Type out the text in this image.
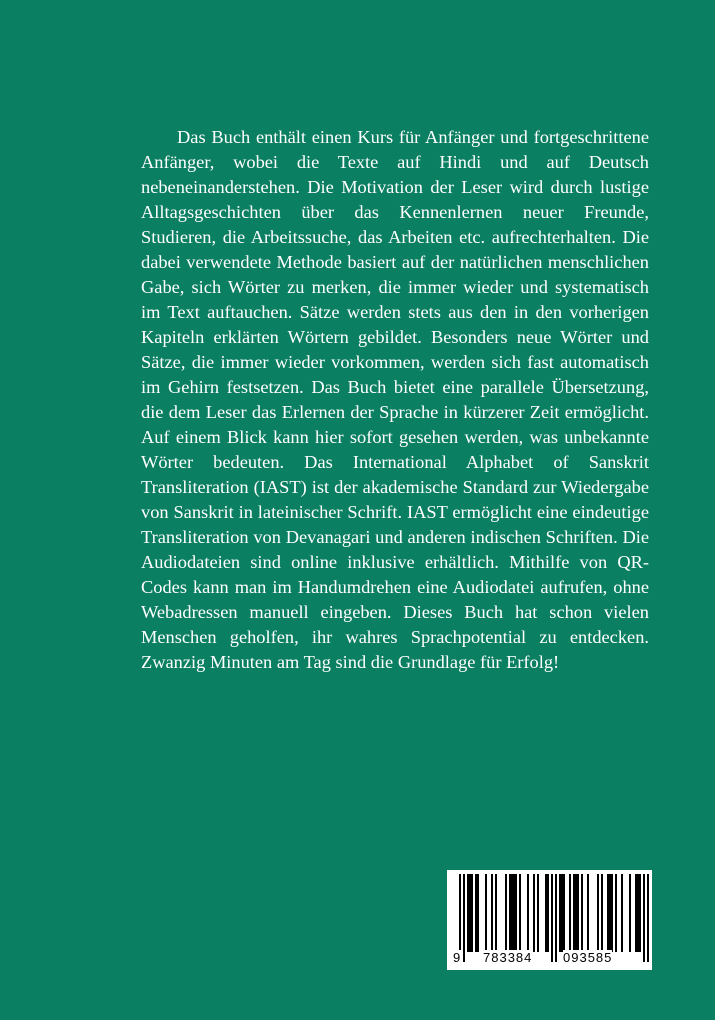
Das Buch enthält einen Kurs für Anfänger und fortgeschrittene Anfänger, wobei die Texte auf Hindi und auf Deutsch nebeneinanderstehen. Die Motivation der Leser wird durch lustige Alltagsgeschichten über das Kennenlernen neuer Freunde, Studieren, die Arbeitssuche, das Arbeiten etc. aufrechterhalten. Die dabei verwendete Methode basiert auf der natürlichen menschlichen Gabe, sich Wörter zu merken, die immer wieder und systematisch im Text auftauchen. Sätze werden stets aus den in den vorherigen Kapiteln erklärten Wörtern gebildet. Besonders neue Wörter und Sätze, die immer wieder vorkommen, werden sich fast automatisch im Gehirn festsetzen. Das Buch bietet eine parallele Übersetzung, die dem Leser das Erlernen der Sprache in kürzerer Zeit ermöglicht. Auf einem Blick kann hier sofort gesehen werden, was unbekannte Wörter bedeuten. Das International Alphabet of Sanskrit Transliteration (IAST) ist der akademische Standard zur Wiedergabe von Sanskrit in lateinischer Schrift. IAST ermöglicht eine eindeutige Transliteration von Devanagari und anderen indischen Schriften. Die Audiodateien sind online inklusive erhältlich. Mithilfe von QR-Codes kann man im Handumdrehen eine Audiodatei aufrufen, ohne Webadressen manuell eingeben. Dieses Buch hat schon vielen Menschen geholfen, ihr wahres Sprachpotential zu entdecken. Zwanzig Minuten am Tag sind die Grundlage für Erfolg!

9 783384 093585
